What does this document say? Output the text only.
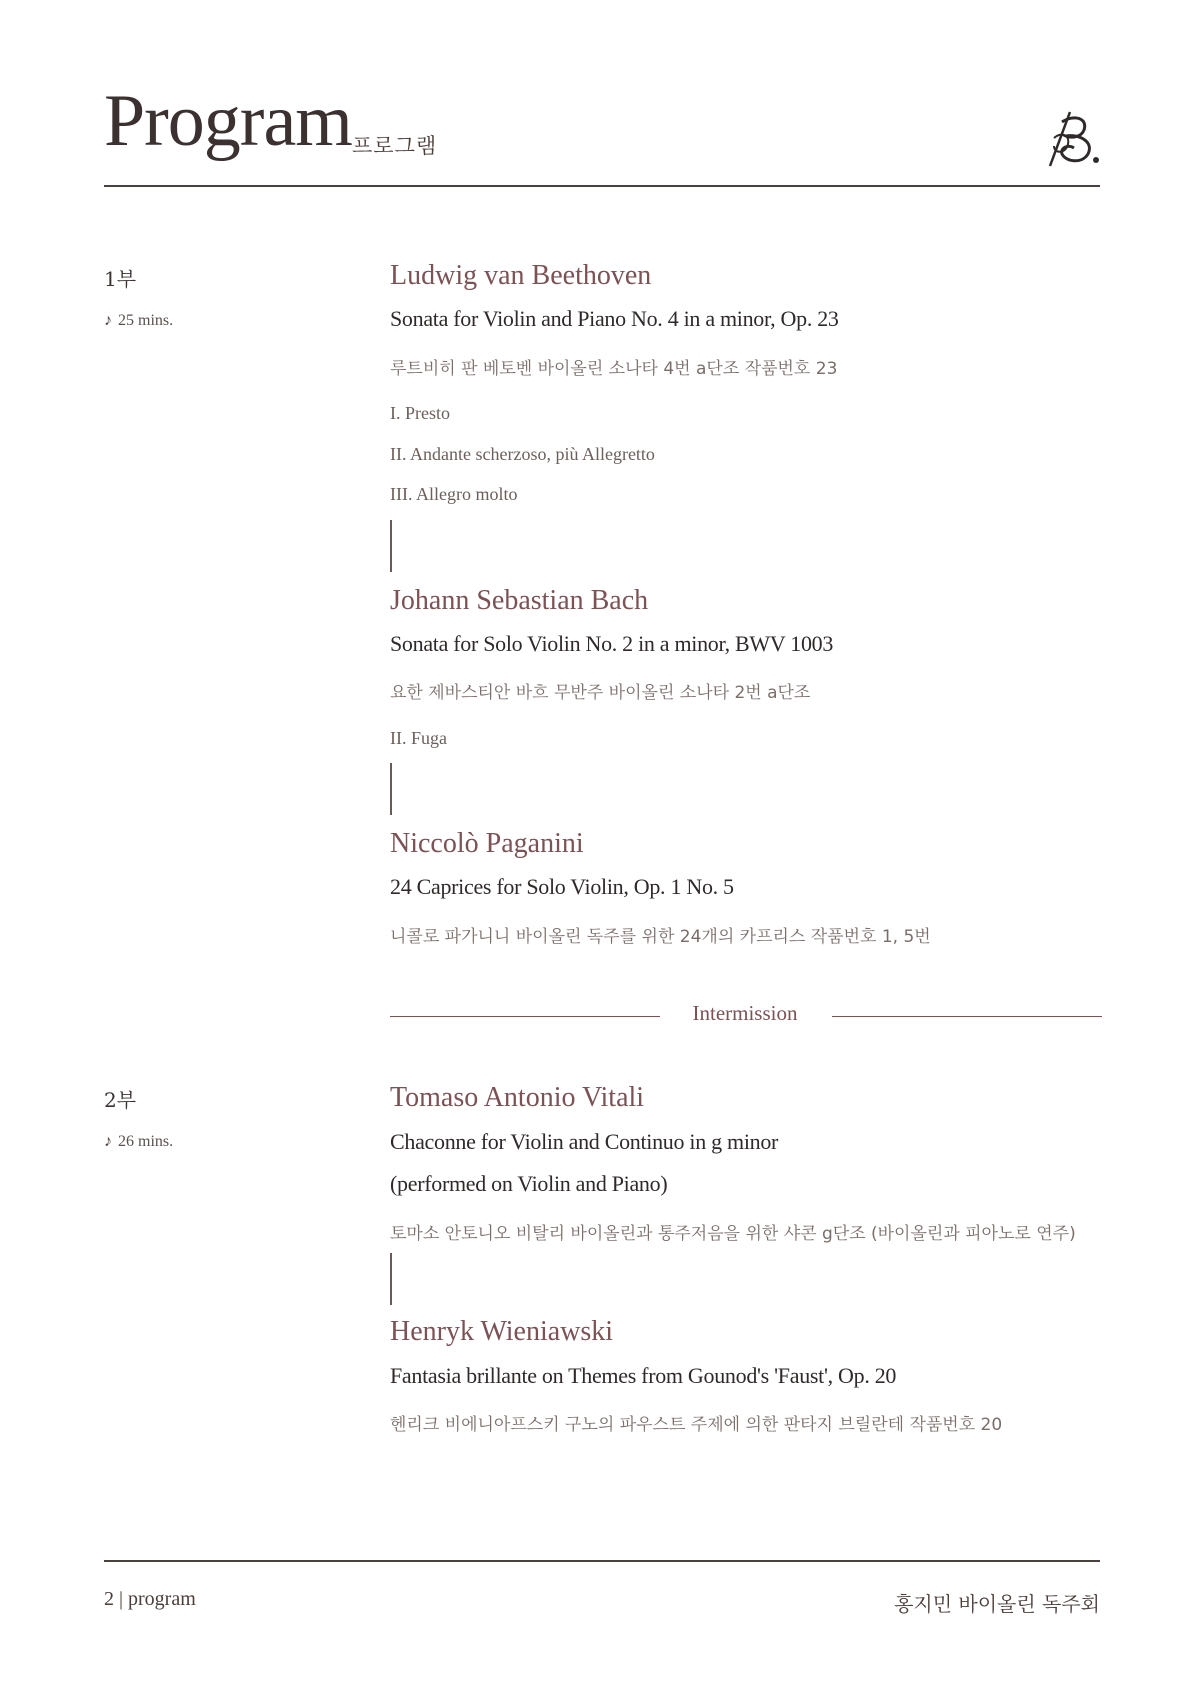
Program 프로그램
1부
♪ 25 mins.
Ludwig van Beethoven
Sonata for Violin and Piano No. 4 in a minor, Op. 23
루트비히 판 베토벤 바이올린 소나타 4번 a단조 작품번호 23
I. Presto
II. Andante scherzoso, più Allegretto
III. Allegro molto
Johann Sebastian Bach
Sonata for Solo Violin No. 2 in a minor, BWV 1003
요한 제바스티안 바흐 무반주 바이올린 소나타 2번 a단조
II. Fuga
Niccolò Paganini
24 Caprices for Solo Violin, Op. 1 No. 5
니콜로 파가니니 바이올린 독주를 위한 24개의 카프리스 작품번호 1, 5번
Intermission
2부
♪ 26 mins.
Tomaso Antonio Vitali
Chaconne for Violin and Continuo in g minor
(performed on Violin and Piano)
토마소 안토니오 비탈리 바이올린과 통주저음을 위한 샤콘 g단조 (바이올린과 피아노로 연주)
Henryk Wieniawski
Fantasia brillante on Themes from Gounod's 'Faust', Op. 20
헨리크 비에니아프스키 구노의 파우스트 주제에 의한 판타지 브릴란테 작품번호 20
2 | program	홍지민 바이올린 독주회
